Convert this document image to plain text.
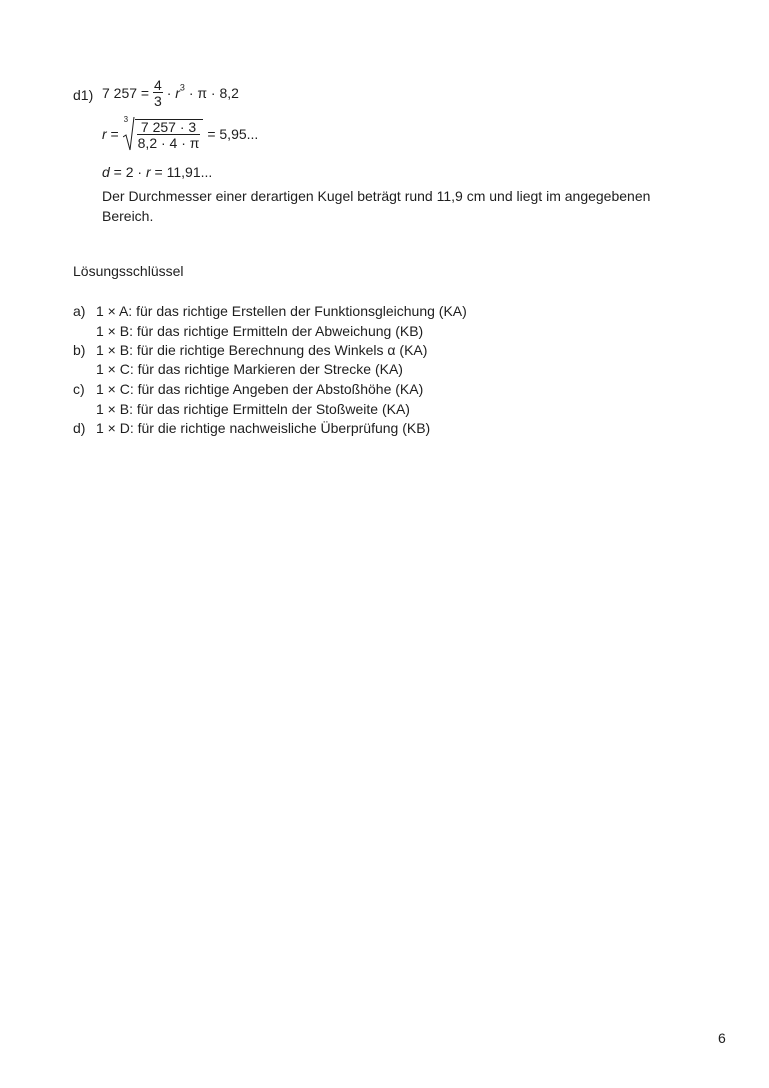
d1) 7 $257 = \frac{4}{3} \cdot r^3 \cdot \pi \cdot 8,2$
r =
$3 \frac{7 257 \cdot 3}{8,2 \cdot 4 \cdot \pi} = 5,95$...
d = 2 · r = 11,91...
Der Durchmesser einer derartigen Kugel beträgt rund 11,9 cm und liegt im angegebenen Bereich.
Lösungsschlüssel
a) 1 × A: für das richtige Erstellen der Funktionsgleichung (KA)
1 × B: für das richtige Ermitteln der Abweichung (KB)
b) 1 × B: für die richtige Berechnung des Winkels α (KA)
1 × C: für das richtige Markieren der Strecke (KA)
c) 1 × C: für das richtige Angeben der Abstoßhöhe (KA)
1 × B: für das richtige Ermitteln der Stoßweite (KA)
d) 1 × D: für die richtige nachweisliche Überprüfung (KB)
6
